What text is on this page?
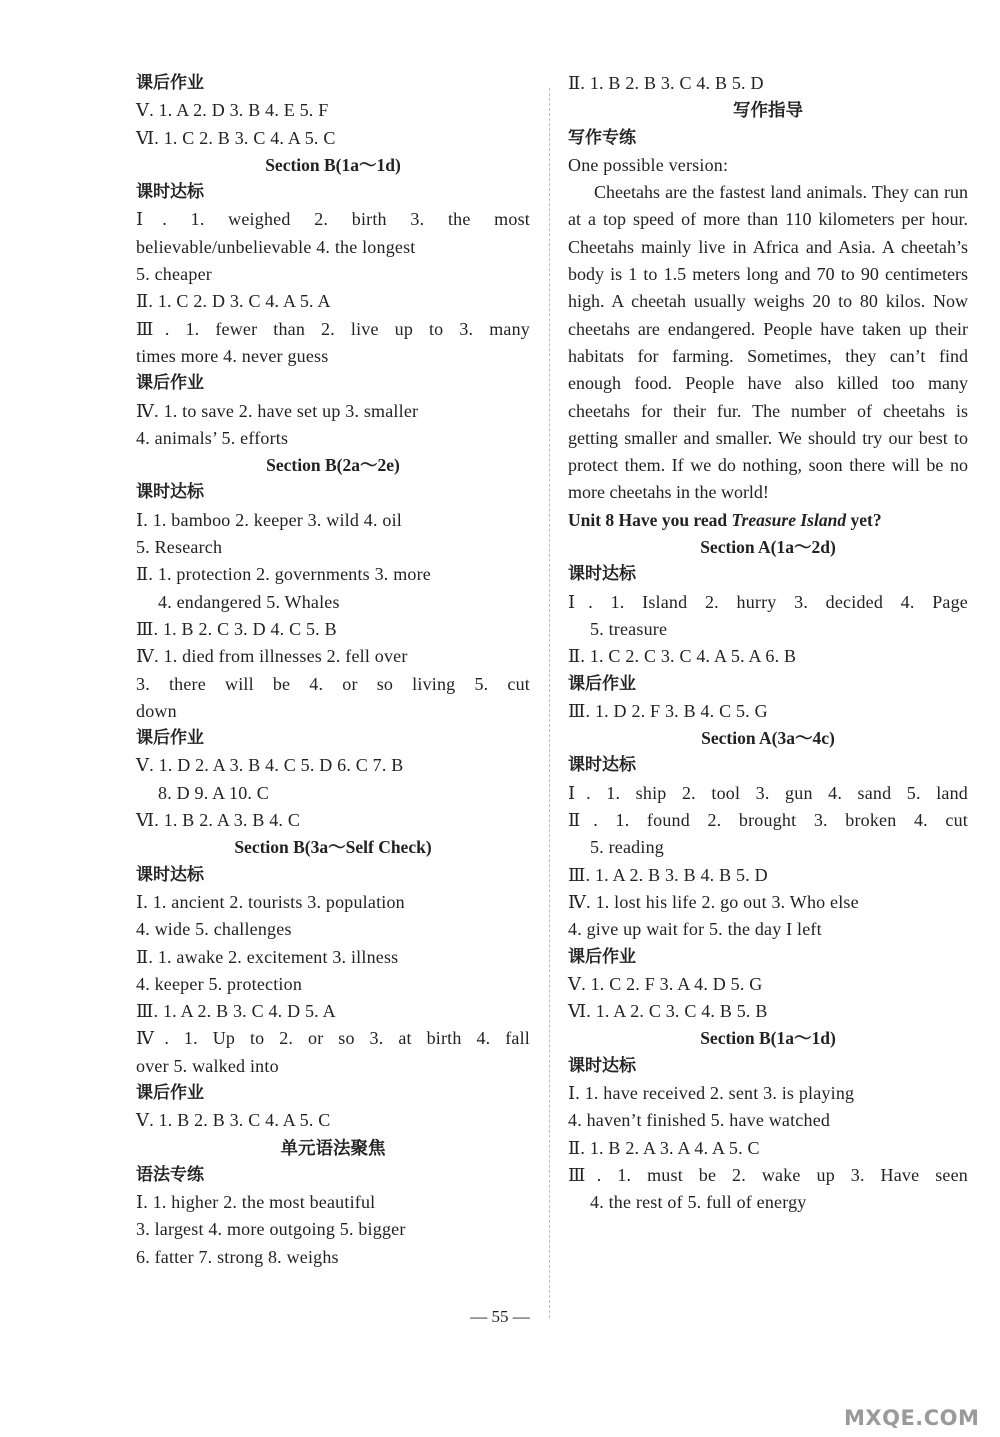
课后作业
Ⅴ. 1. A 2. D 3. B 4. E 5. F
Ⅵ. 1. C 2. B 3. C 4. A 5. C
Section B(1a～1d)
课时达标
Ⅰ. 1. weighed 2. birth 3. the most
believable/unbelievable 4. the longest
5. cheaper
Ⅱ. 1. C 2. D 3. C 4. A 5. A
Ⅲ. 1. fewer than 2. live up to 3. many
times more 4. never guess
课后作业
Ⅳ. 1. to save 2. have set up 3. smaller
4. animals’ 5. efforts
Section B(2a～2e)
课时达标
Ⅰ. 1. bamboo 2. keeper 3. wild 4. oil
5. Research
Ⅱ. 1. protection 2. governments 3. more
4. endangered 5. Whales
Ⅲ. 1. B 2. C 3. D 4. C 5. B
Ⅳ. 1. died from illnesses 2. fell over
3. there will be 4. or so living 5. cut
down
课后作业
Ⅴ. 1. D 2. A 3. B 4. C 5. D 6. C 7. B
8. D 9. A 10. C
Ⅵ. 1. B 2. A 3. B 4. C
Section B(3a～Self Check)
课时达标
Ⅰ. 1. ancient 2. tourists 3. population
4. wide 5. challenges
Ⅱ. 1. awake 2. excitement 3. illness
4. keeper 5. protection
Ⅲ. 1. A 2. B 3. C 4. D 5. A
Ⅳ. 1. Up to 2. or so 3. at birth 4. fall
over 5. walked into
课后作业
Ⅴ. 1. B 2. B 3. C 4. A 5. C
单元语法聚焦
语法专练
Ⅰ. 1. higher 2. the most beautiful
3. largest 4. more outgoing 5. bigger
6. fatter 7. strong 8. weighs
Ⅱ. 1. B 2. B 3. C 4. B 5. D
写作指导
写作专练
One possible version:
Cheetahs are the fastest land animals. They can run at a top speed of more than 110 kilometers per hour. Cheetahs mainly live in Africa and Asia. A cheetah’s body is 1 to 1.5 meters long and 70 to 90 centimeters high. A cheetah usually weighs 20 to 80 kilos. Now cheetahs are endangered. People have taken up their habitats for farming. Sometimes, they can’t find enough food. People have also killed too many cheetahs for their fur. The number of cheetahs is getting smaller and smaller. We should try our best to protect them. If we do nothing, soon there will be no more cheetahs in the world!
Unit 8 Have you read Treasure Island yet?
Section A(1a～2d)
课时达标
Ⅰ. 1. Island 2. hurry 3. decided 4. Page
5. treasure
Ⅱ. 1. C 2. C 3. C 4. A 5. A 6. B
课后作业
Ⅲ. 1. D 2. F 3. B 4. C 5. G
Section A(3a～4c)
课时达标
Ⅰ. 1. ship 2. tool 3. gun 4. sand 5. land
Ⅱ. 1. found 2. brought 3. broken 4. cut
5. reading
Ⅲ. 1. A 2. B 3. B 4. B 5. D
Ⅳ. 1. lost his life 2. go out 3. Who else
4. give up wait for 5. the day I left
课后作业
Ⅴ. 1. C 2. F 3. A 4. D 5. G
Ⅵ. 1. A 2. C 3. C 4. B 5. B
Section B(1a～1d)
课时达标
Ⅰ. 1. have received 2. sent 3. is playing
4. haven’t finished 5. have watched
Ⅱ. 1. B 2. A 3. A 4. A 5. C
Ⅲ. 1. must be 2. wake up 3. Have seen
4. the rest of 5. full of energy
— 55 —
MXQE.COM
